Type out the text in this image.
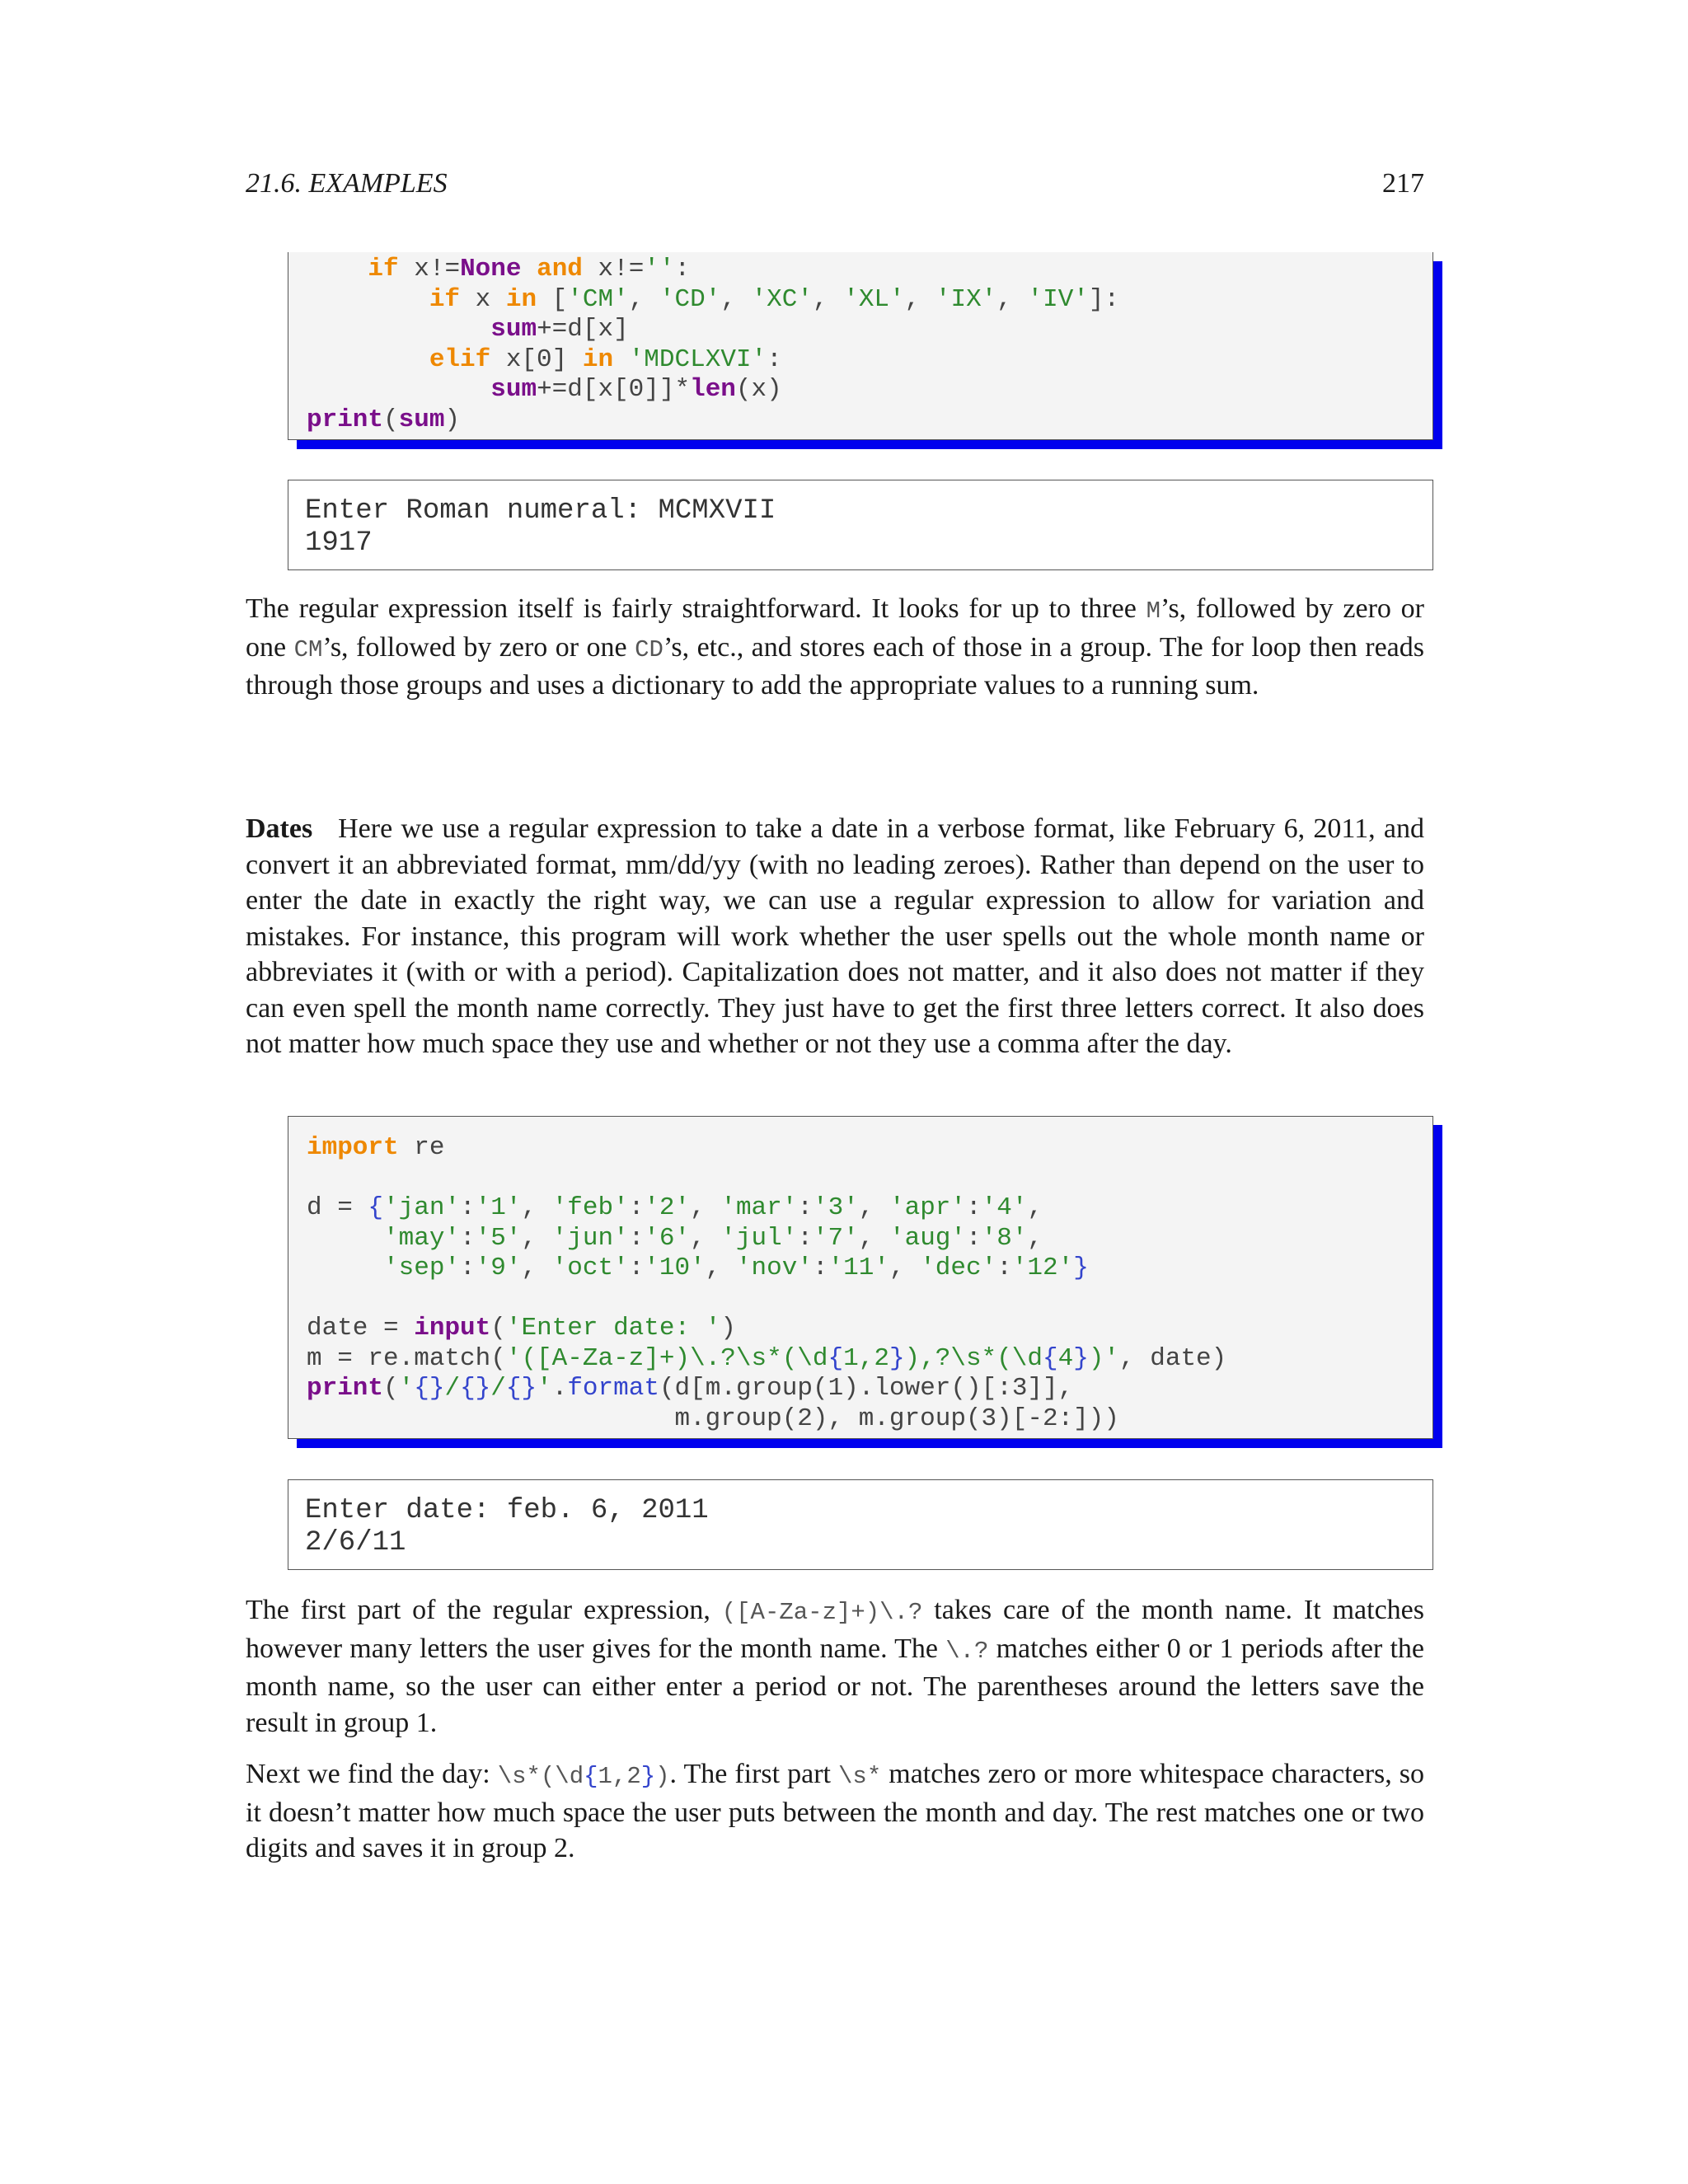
21.6. EXAMPLES	217
if x!=None and x!='':
if x in ['CM', 'CD', 'XC', 'XL', 'IX', 'IV']:
sum+=d[x]
elif x[0] in 'MDCLXVI':
sum+=d[x[0]]*len(x)
print(sum)
Enter Roman numeral: MCMXVII
1917
The regular expression itself is fairly straightforward. It looks for up to three M’s, followed by zero or one CM’s, followed by zero or one CD’s, etc., and stores each of those in a group. The for loop then reads through those groups and uses a dictionary to add the appropriate values to a running sum.
Dates Here we use a regular expression to take a date in a verbose format, like February 6, 2011, and convert it an abbreviated format, mm/dd/yy (with no leading zeroes). Rather than depend on the user to enter the date in exactly the right way, we can use a regular expression to allow for variation and mistakes. For instance, this program will work whether the user spells out the whole month name or abbreviates it (with or with a period). Capitalization does not matter, and it also does not matter if they can even spell the month name correctly. They just have to get the first three letters correct. It also does not matter how much space they use and whether or not they use a comma after the day.
import re
d = {'jan':'1', 'feb':'2', 'mar':'3', 'apr':'4',
'may':'5', 'jun':'6', 'jul':'7', 'aug':'8',
'sep':'9', 'oct':'10', 'nov':'11', 'dec':'12'}
date = input('Enter date: ')
m = re.match('([A-Za-z]+)\.?\s*(\d{1,2}),?\s*(\d{4})', date)
print('{}/{}/{}'.format(d[m.group(1).lower()[:3]],
m.group(2), m.group(3)[-2:]))
Enter date: feb. 6, 2011
2/6/11
The first part of the regular expression, ([A-Za-z]+)\.? takes care of the month name. It matches however many letters the user gives for the month name. The \.? matches either 0 or 1 periods after the month name, so the user can either enter a period or not. The parentheses around the letters save the result in group 1.
Next we find the day: \s*(\d{1,2}). The first part \s* matches zero or more whitespace characters, so it doesn’t matter how much space the user puts between the month and day. The rest matches one or two digits and saves it in group 2.
